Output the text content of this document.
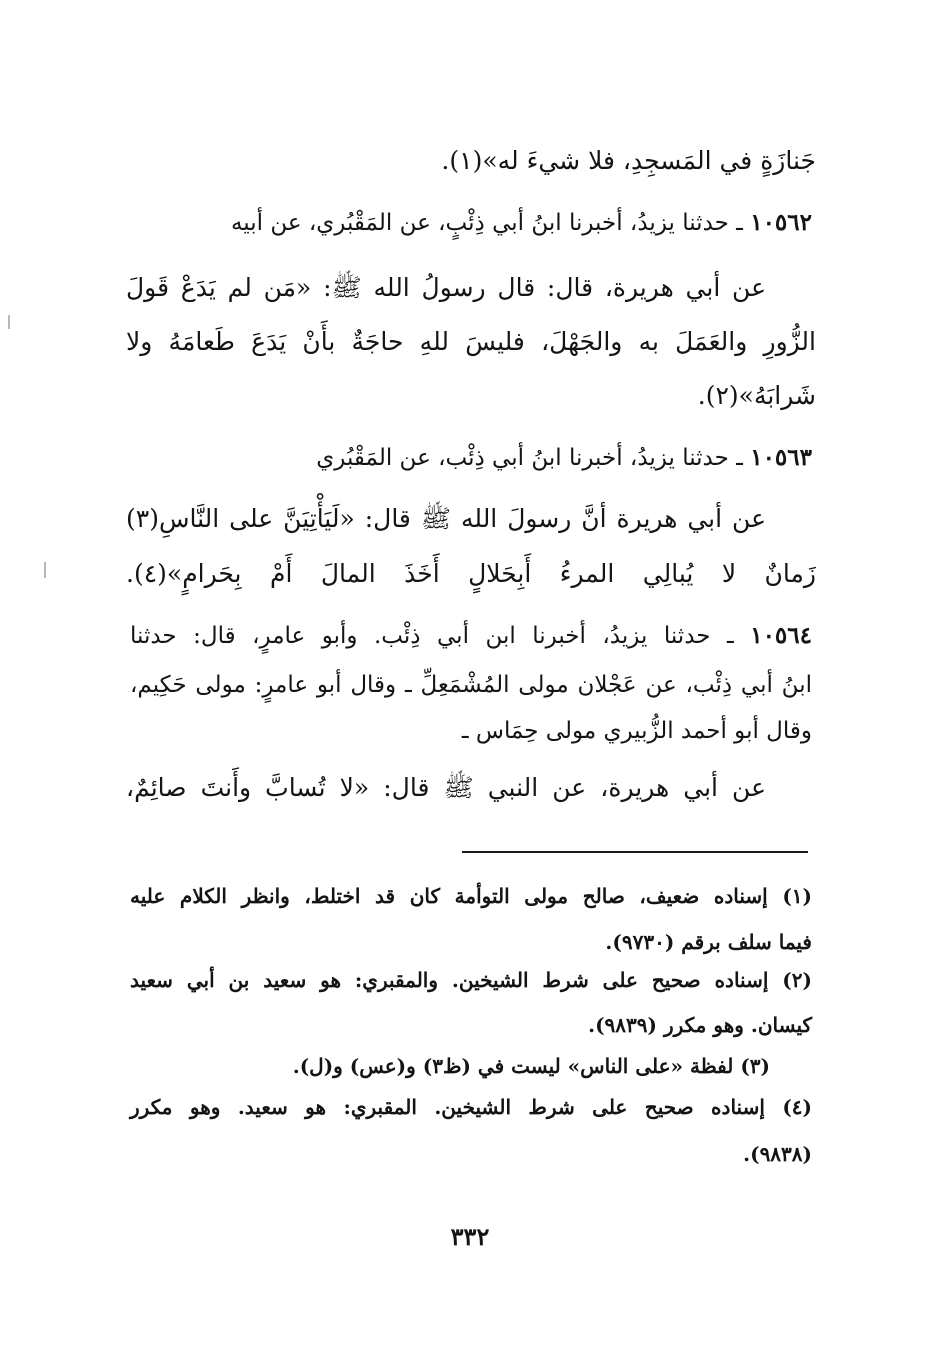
جَنازَةٍ في المَسجِدِ، فلا شيءَ له»(١).
١٠٥٦٢ ـ حدثنا يزيدُ، أخبرنا ابنُ أبي ذِئْبٍ، عن المَقْبُري، عن أبيه
عن أبي هريرة، قال: قال رسولُ الله ﷺ: «مَن لم يَدَعْ قَولَ
الزُّورِ والعَمَلَ به والجَهْلَ، فليسَ للهِ حاجَةٌ بأَنْ يَدَعَ طَعامَهُ ولا
شَرابَهُ»(٢).
١٠٥٦٣ ـ حدثنا يزيدُ، أخبرنا ابنُ أبي ذِئْب، عن المَقْبُري
عن أبي هريرة أنَّ رسولَ الله ﷺ قال: «لَيَأْتِيَنَّ على النَّاسِ(٣)
زَمانٌ لا يُبالِي المرءُ أَبِحَلالٍ أَخَذَ المالَ أَمْ بِحَرامٍ»(٤).
١٠٥٦٤ ـ حدثنا يزيدُ، أخبرنا ابن أبي ذِئْب. وأبو عامرٍ، قال: حدثنا
ابنُ أبي ذِئْب، عن عَجْلان مولى المُشْمَعِلِّ ـ وقال أبو عامرٍ: مولى حَكِيم،
وقال أبو أحمد الزُّبيري مولى حِمَاس ـ
عن أبي هريرة، عن النبي ﷺ قال: «لا تُسابَّ وأَنتَ صائِمٌ،
(١) إسناده ضعيف، صالح مولى التوأمة كان قد اختلط، وانظر الكلام عليه
فيما سلف برقم (٩٧٣٠).
(٢) إسناده صحيح على شرط الشيخين. والمقبري: هو سعيد بن أبي سعيد
كيسان. وهو مكرر (٩٨٣٩).
(٣) لفظة «على الناس» ليست في (ظ٣) و(عس) و(ل).
(٤) إسناده صحيح على شرط الشيخين. المقبري: هو سعيد. وهو مكرر
(٩٨٣٨).
٣٣٢
